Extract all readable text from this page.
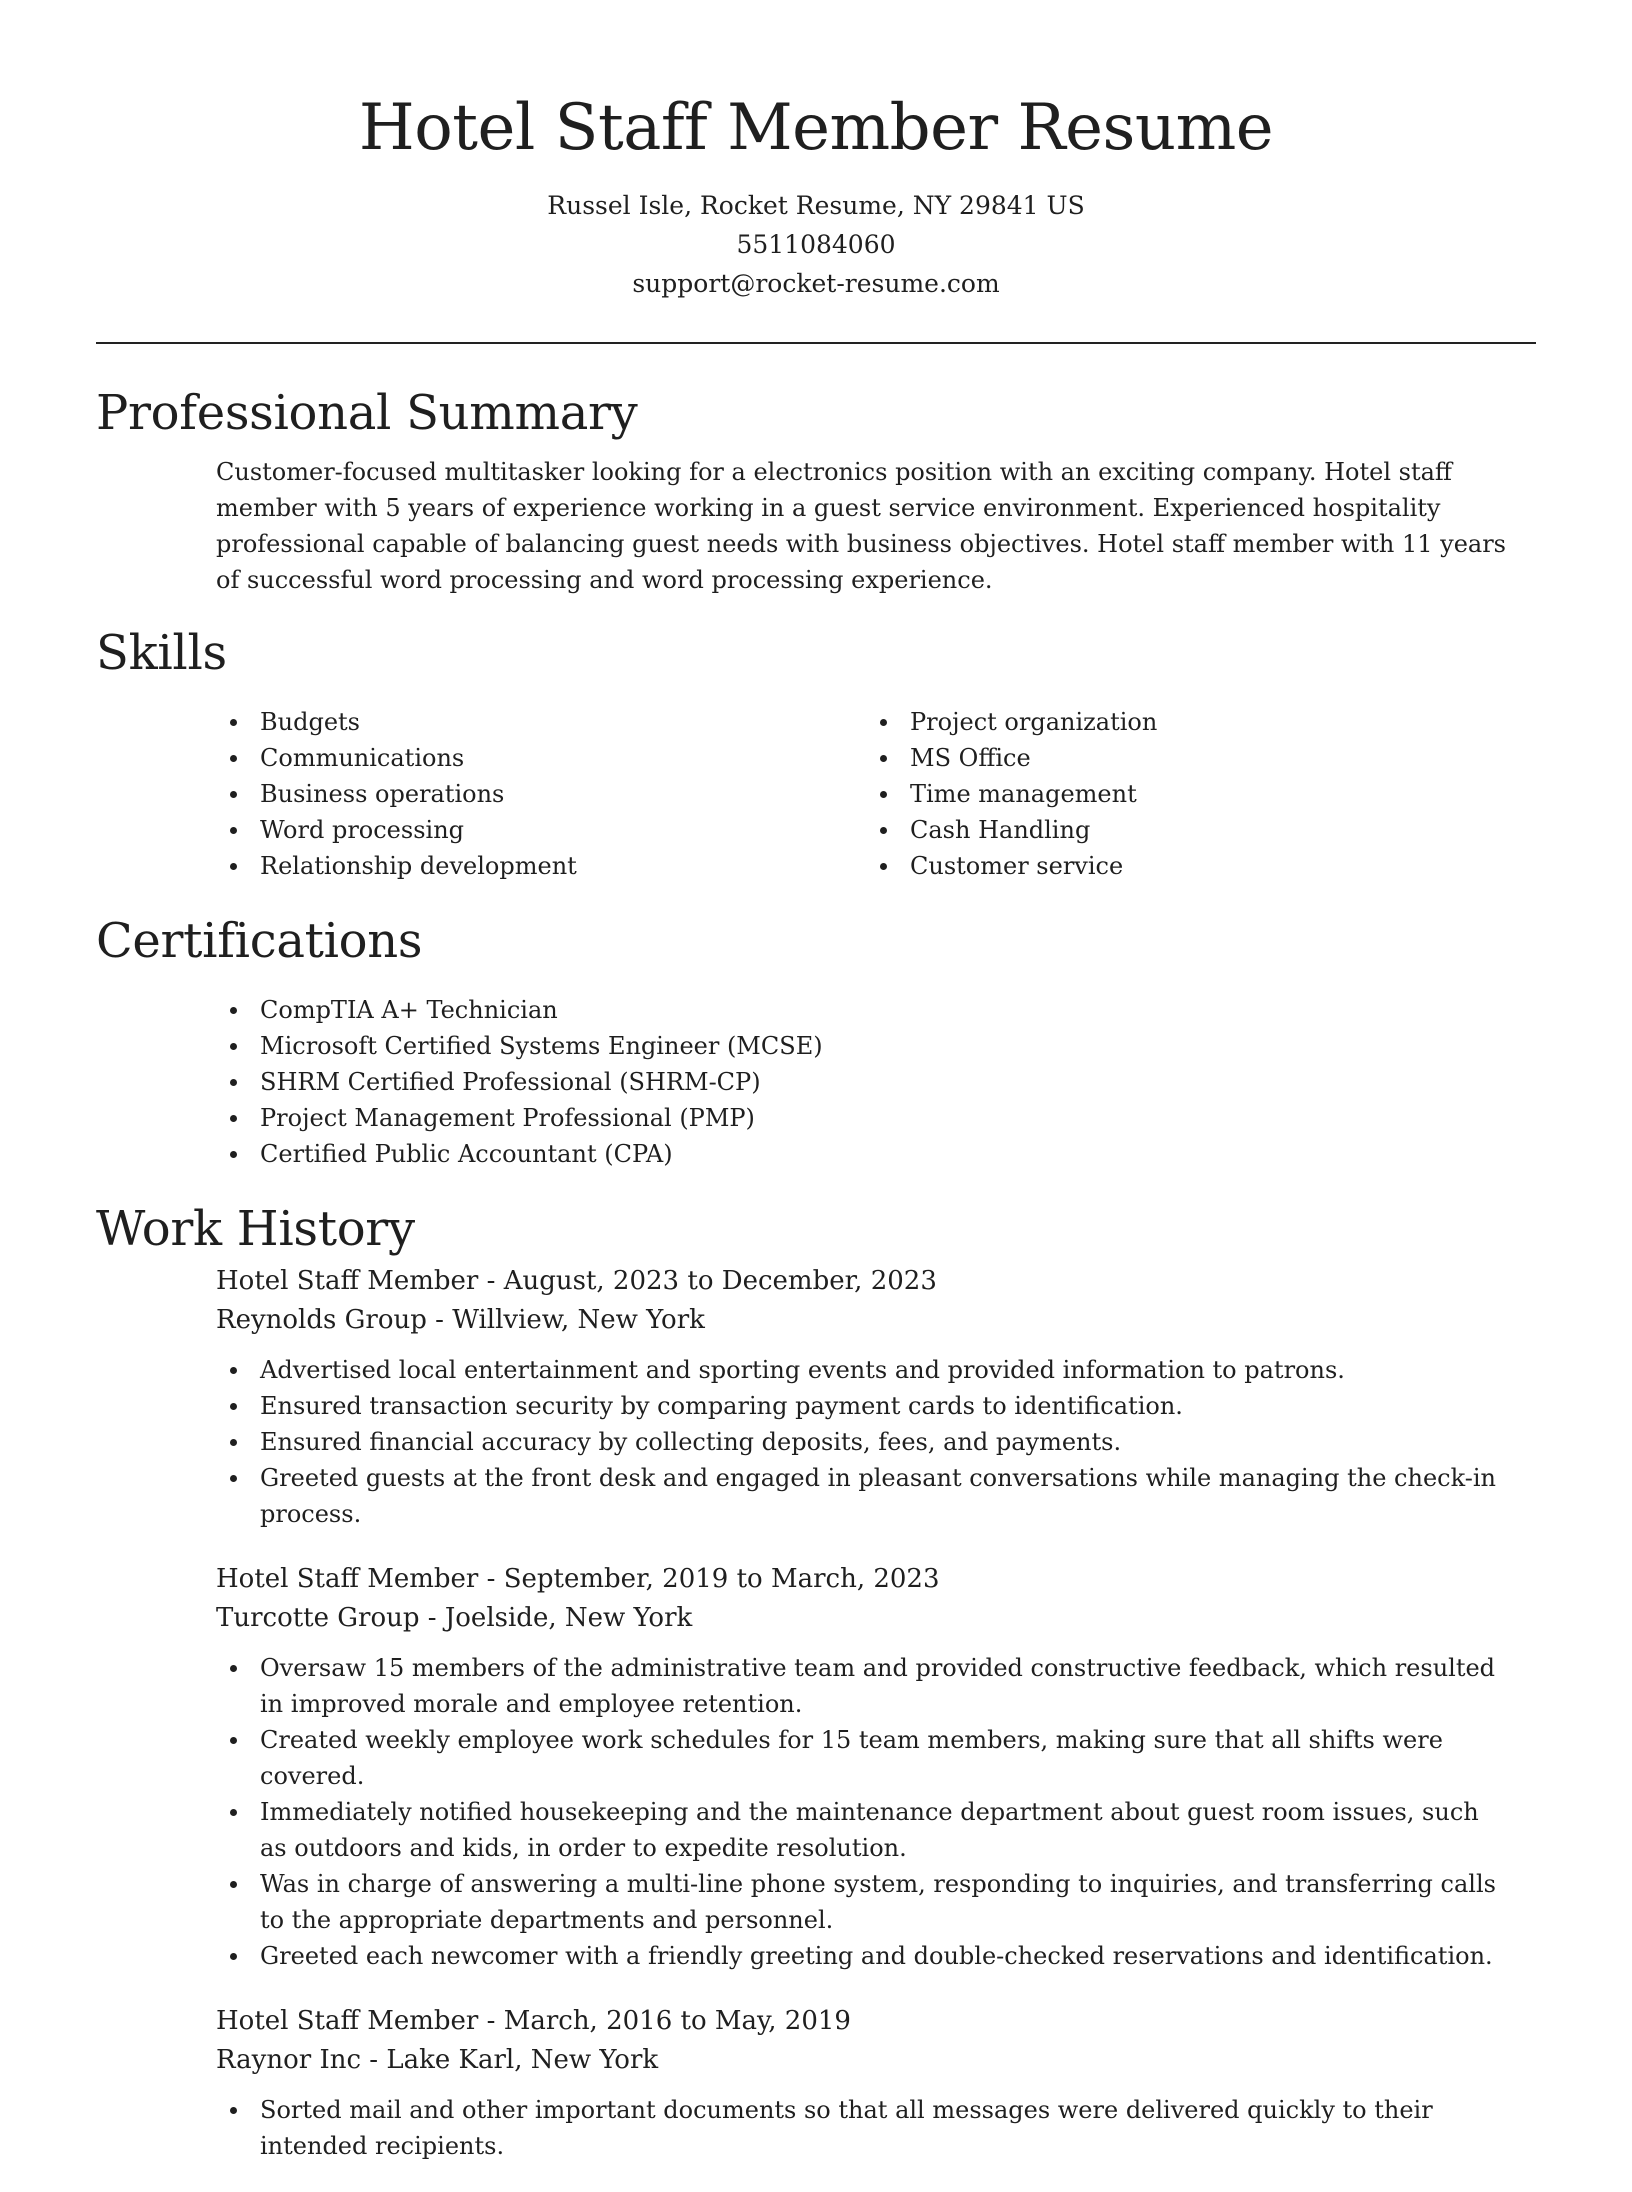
Hotel Staff Member Resume
Russel Isle, Rocket Resume, NY 29841 US
5511084060
support@rocket-resume.com
Professional Summary

Customer-focused multitasker looking for a electronics position with an exciting company. Hotel staff member with 5 years of experience working in a guest service environment. Experienced hospitality professional capable of balancing guest needs with business objectives. Hotel staff member with 11 years of successful word processing and word processing experience.

Skills
Budgets
Communications
Business operations
Word processing
Relationship development
Project organization
MS Office
Time management
Cash Handling
Customer service
Certifications
CompTIA A+ Technician
Microsoft Certified Systems Engineer (MCSE)
SHRM Certified Professional (SHRM-CP)
Project Management Professional (PMP)
Certified Public Accountant (CPA)
Work History
Hotel Staff Member - August, 2023 to December, 2023
Reynolds Group - Willview, New York
Advertised local entertainment and sporting events and provided information to patrons.
Ensured transaction security by comparing payment cards to identification.
Ensured financial accuracy by collecting deposits, fees, and payments.
Greeted guests at the front desk and engaged in pleasant conversations while managing the check-in process.
Hotel Staff Member - September, 2019 to March, 2023
Turcotte Group - Joelside, New York
Oversaw 15 members of the administrative team and provided constructive feedback, which resulted in improved morale and employee retention.
Created weekly employee work schedules for 15 team members, making sure that all shifts were covered.
Immediately notified housekeeping and the maintenance department about guest room issues, such as outdoors and kids, in order to expedite resolution.
Was in charge of answering a multi-line phone system, responding to inquiries, and transferring calls to the appropriate departments and personnel.
Greeted each newcomer with a friendly greeting and double-checked reservations and identification.
Hotel Staff Member - March, 2016 to May, 2019
Raynor Inc - Lake Karl, New York
Sorted mail and other important documents so that all messages were delivered quickly to their intended recipients.
